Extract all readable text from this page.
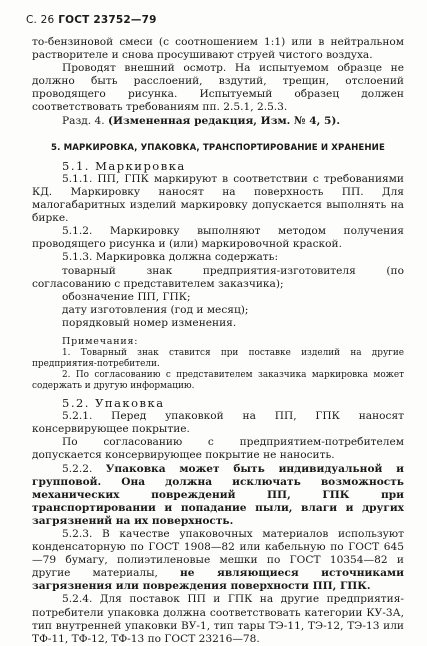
С. 26 ГОСТ 23752—79

то-бензиновой смеси (с соотношением 1:1) или в нейтральном растворителе и снова просушивают струей чистого воздуха.

Проводят внешний осмотр. На испытуемом образце не должно быть расслоений, вздутий, трещин, отслоений проводящего рисунка. Испытуемый образец должен соответствовать требованиям пп. 2.5.1, 2.5.3.

Разд. 4. (Измененная редакция, Изм. № 4, 5).

5. МАРКИРОВКА, УПАКОВКА, ТРАНСПОРТИРОВАНИЕ И ХРАНЕНИЕ

5.1. Маркировка

5.1.1. ПП, ГПК маркируют в соответствии с требованиями КД. Маркировку наносят на поверхность ПП. Для малогабаритных изделий маркировку допускается выполнять на бирке.

5.1.2. Маркировку выполняют методом получения проводящего рисунка и (или) маркировочной краской.

5.1.3. Маркировка должна содержать:

товарный знак предприятия-изготовителя (по согласованию с представителем заказчика);

обозначение ПП, ГПК;

дату изготовления (год и месяц);

порядковый номер изменения.

Примечания:

1. Товарный знак ставится при поставке изделий на другие предприятия-потребители.

2. По согласованию с представителем заказчика маркировка может содержать и другую информацию.

5.2. Упаковка

5.2.1. Перед упаковкой на ПП, ГПК наносят консервирующее покрытие.

По согласованию с предприятием-потребителем допускается консервирующее покрытие не наносить.

5.2.2. Упаковка может быть индивидуальной и групповой. Она должна исключать возможность механических повреждений ПП, ГПК при транспортировании и попадание пыли, влаги и других загрязнений на их поверхность.

5.2.3. В качестве упаковочных материалов используют конденсаторную по ГОСТ 1908—82 или кабельную по ГОСТ 645—79 бумагу, полиэтиленовые мешки по ГОСТ 10354—82 и другие материалы, не являющиеся источниками загрязнения или повреждения поверхности ПП, ГПК.

5.2.4. Для поставок ПП и ГПК на другие предприятия-потребители упаковка должна соответствовать категории КУ-3А, тип внутренней упаковки ВУ-1, тип тары ТЭ-11, ТЭ-12, ТЭ-13 или ТФ-11, ТФ-12, ТФ-13 по ГОСТ 23216—78.
